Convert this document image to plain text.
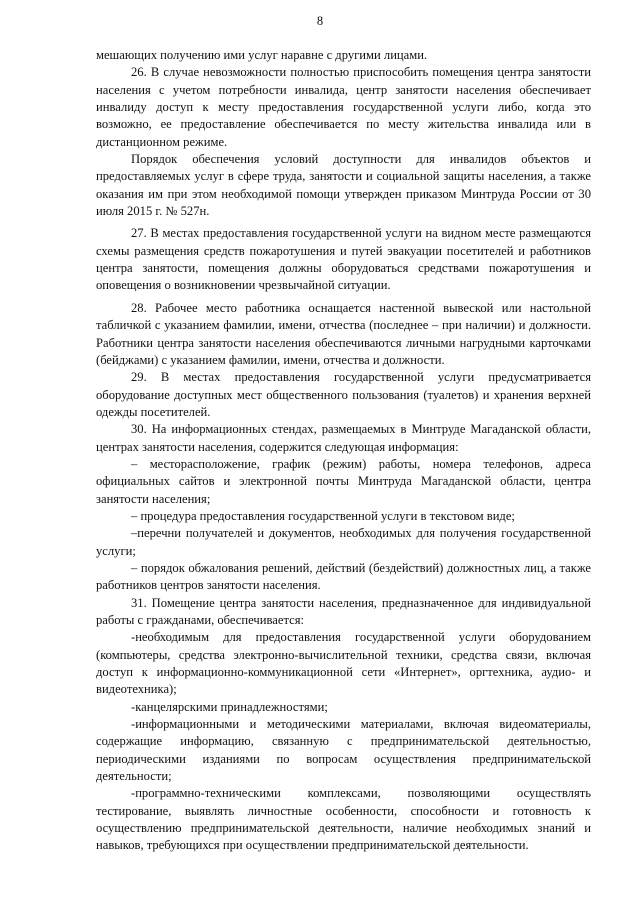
8

мешающих получению ими услуг наравне с другими лицами.

26. В случае невозможности полностью приспособить помещения центра занятости населения с учетом потребности инвалида, центр занятости населения обеспечивает инвалиду доступ к месту предоставления государственной услуги либо, когда это возможно, ее предоставление обеспечивается по месту жительства инвалида или в дистанционном режиме.

Порядок обеспечения условий доступности для инвалидов объектов и предоставляемых услуг в сфере труда, занятости и социальной защиты населения, а также оказания им при этом необходимой помощи утвержден приказом Минтруда России от 30 июля 2015 г. № 527н.

27. В местах предоставления государственной услуги на видном месте размещаются схемы размещения средств пожаротушения и путей эвакуации посетителей и работников центра занятости, помещения должны оборудоваться средствами пожаротушения и оповещения о возникновении чрезвычайной ситуации.

28. Рабочее место работника оснащается настенной вывеской или настольной табличкой с указанием фамилии, имени, отчества (последнее – при наличии) и должности. Работники центра занятости населения обеспечиваются личными нагрудными карточками (бейджами) с указанием фамилии, имени, отчества и должности.

29. В местах предоставления государственной услуги предусматривается оборудование доступных мест общественного пользования (туалетов) и хранения верхней одежды посетителей.

30. На информационных стендах, размещаемых в Минтруде Магаданской области, центрах занятости населения, содержится следующая информация:

– месторасположение, график (режим) работы, номера телефонов, адреса официальных сайтов и электронной почты Минтруда Магаданской области, центра занятости населения;

– процедура предоставления государственной услуги в текстовом виде;

–перечни получателей и документов, необходимых для получения государственной услуги;

– порядок обжалования решений, действий (бездействий) должностных лиц, а также работников центров занятости населения.

31. Помещение центра занятости населения, предназначенное для индивидуальной работы с гражданами, обеспечивается:

-необходимым для предоставления государственной услуги оборудованием (компьютеры, средства электронно-вычислительной техники, средства связи, включая доступ к информационно-коммуникационной сети «Интернет», оргтехника, аудио- и видеотехника);

-канцелярскими принадлежностями;

-информационными и методическими материалами, включая видеоматериалы, содержащие информацию, связанную с предпринимательской деятельностью, периодическими изданиями по вопросам осуществления предпринимательской деятельности;

-программно-техническими комплексами, позволяющими осуществлять тестирование, выявлять личностные особенности, способности и готовность к осуществлению предпринимательской деятельности, наличие необходимых знаний и навыков, требующихся при осуществлении предпринимательской деятельности.
